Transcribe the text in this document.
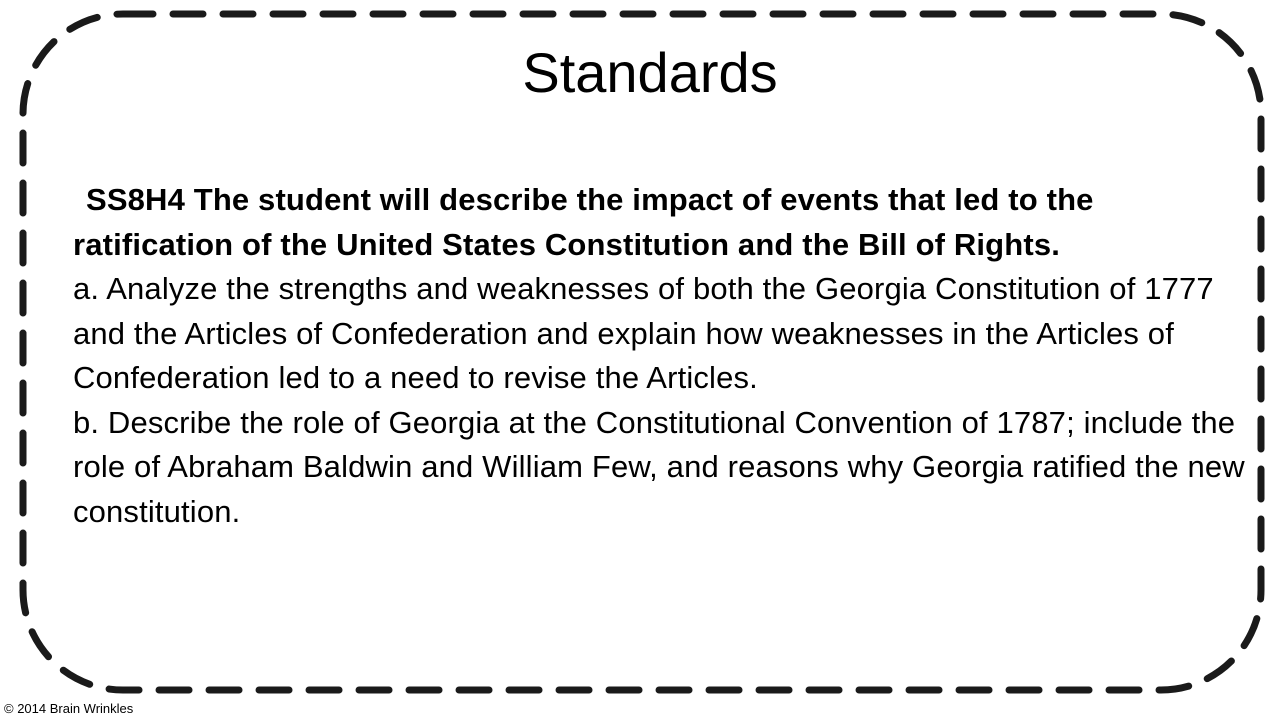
Standards

SS8H4 The student will describe the impact of events that led to the ratification of the United States Constitution and the Bill of Rights.

a. Analyze the strengths and weaknesses of both the Georgia Constitution of 1777 and the Articles of Confederation and explain how weaknesses in the Articles of Confederation led to a need to revise the Articles.

b. Describe the role of Georgia at the Constitutional Convention of 1787; include the role of Abraham Baldwin and William Few, and reasons why Georgia ratified the new constitution.

© 2014 Brain Wrinkles
